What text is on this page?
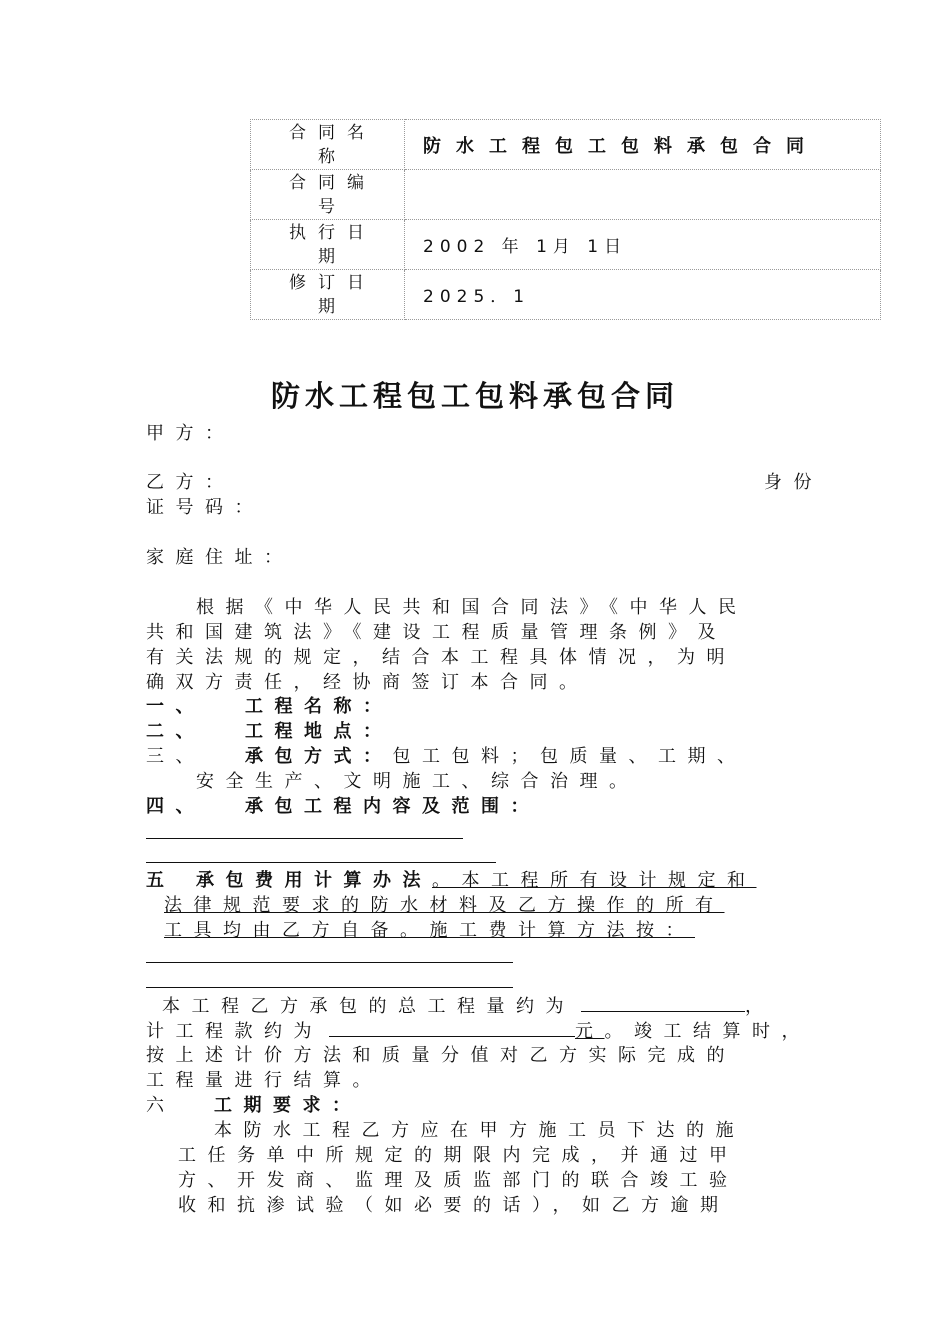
合同名
称	防水工程包工包料承包合同
合同编
号	
执行日
期	2002 年 1月 1日
修订日
期	2025．1
防水工程包工包料承包合同
甲方：
乙方：	身份
证号码：
家庭住址：
根据《中华人民共和国合同法》《中华人民
共和国建筑法》《建设工程质量管理条例》及
有关法规的规定，结合本工程具体情况，为明
确双方责任，经协商签订本合同。
一、 工程名称：
二、 工程地点：
三、 承包方式：包工包料；包质量、工期、
安全生产、文明施工、综合治理。
四、 承包工程内容及范围：
五 承包费用计算办法。本工程所有设计规定和
法律规范要求的防水材料及乙方操作的所有
工具均由乙方自备。施工费计算方法按：
本工程乙方承包的总工程量约为	，
计工程款约为	元。竣工结算时，
按上述计价方法和质量分值对乙方实际完成的
工程量进行结算。
六 工期要求：
本防水工程乙方应在甲方施工员下达的施
工任务单中所规定的期限内完成，并通过甲
方、开发商、监理及质监部门的联合竣工验
收和抗渗试验（如必要的话），如乙方逾期
